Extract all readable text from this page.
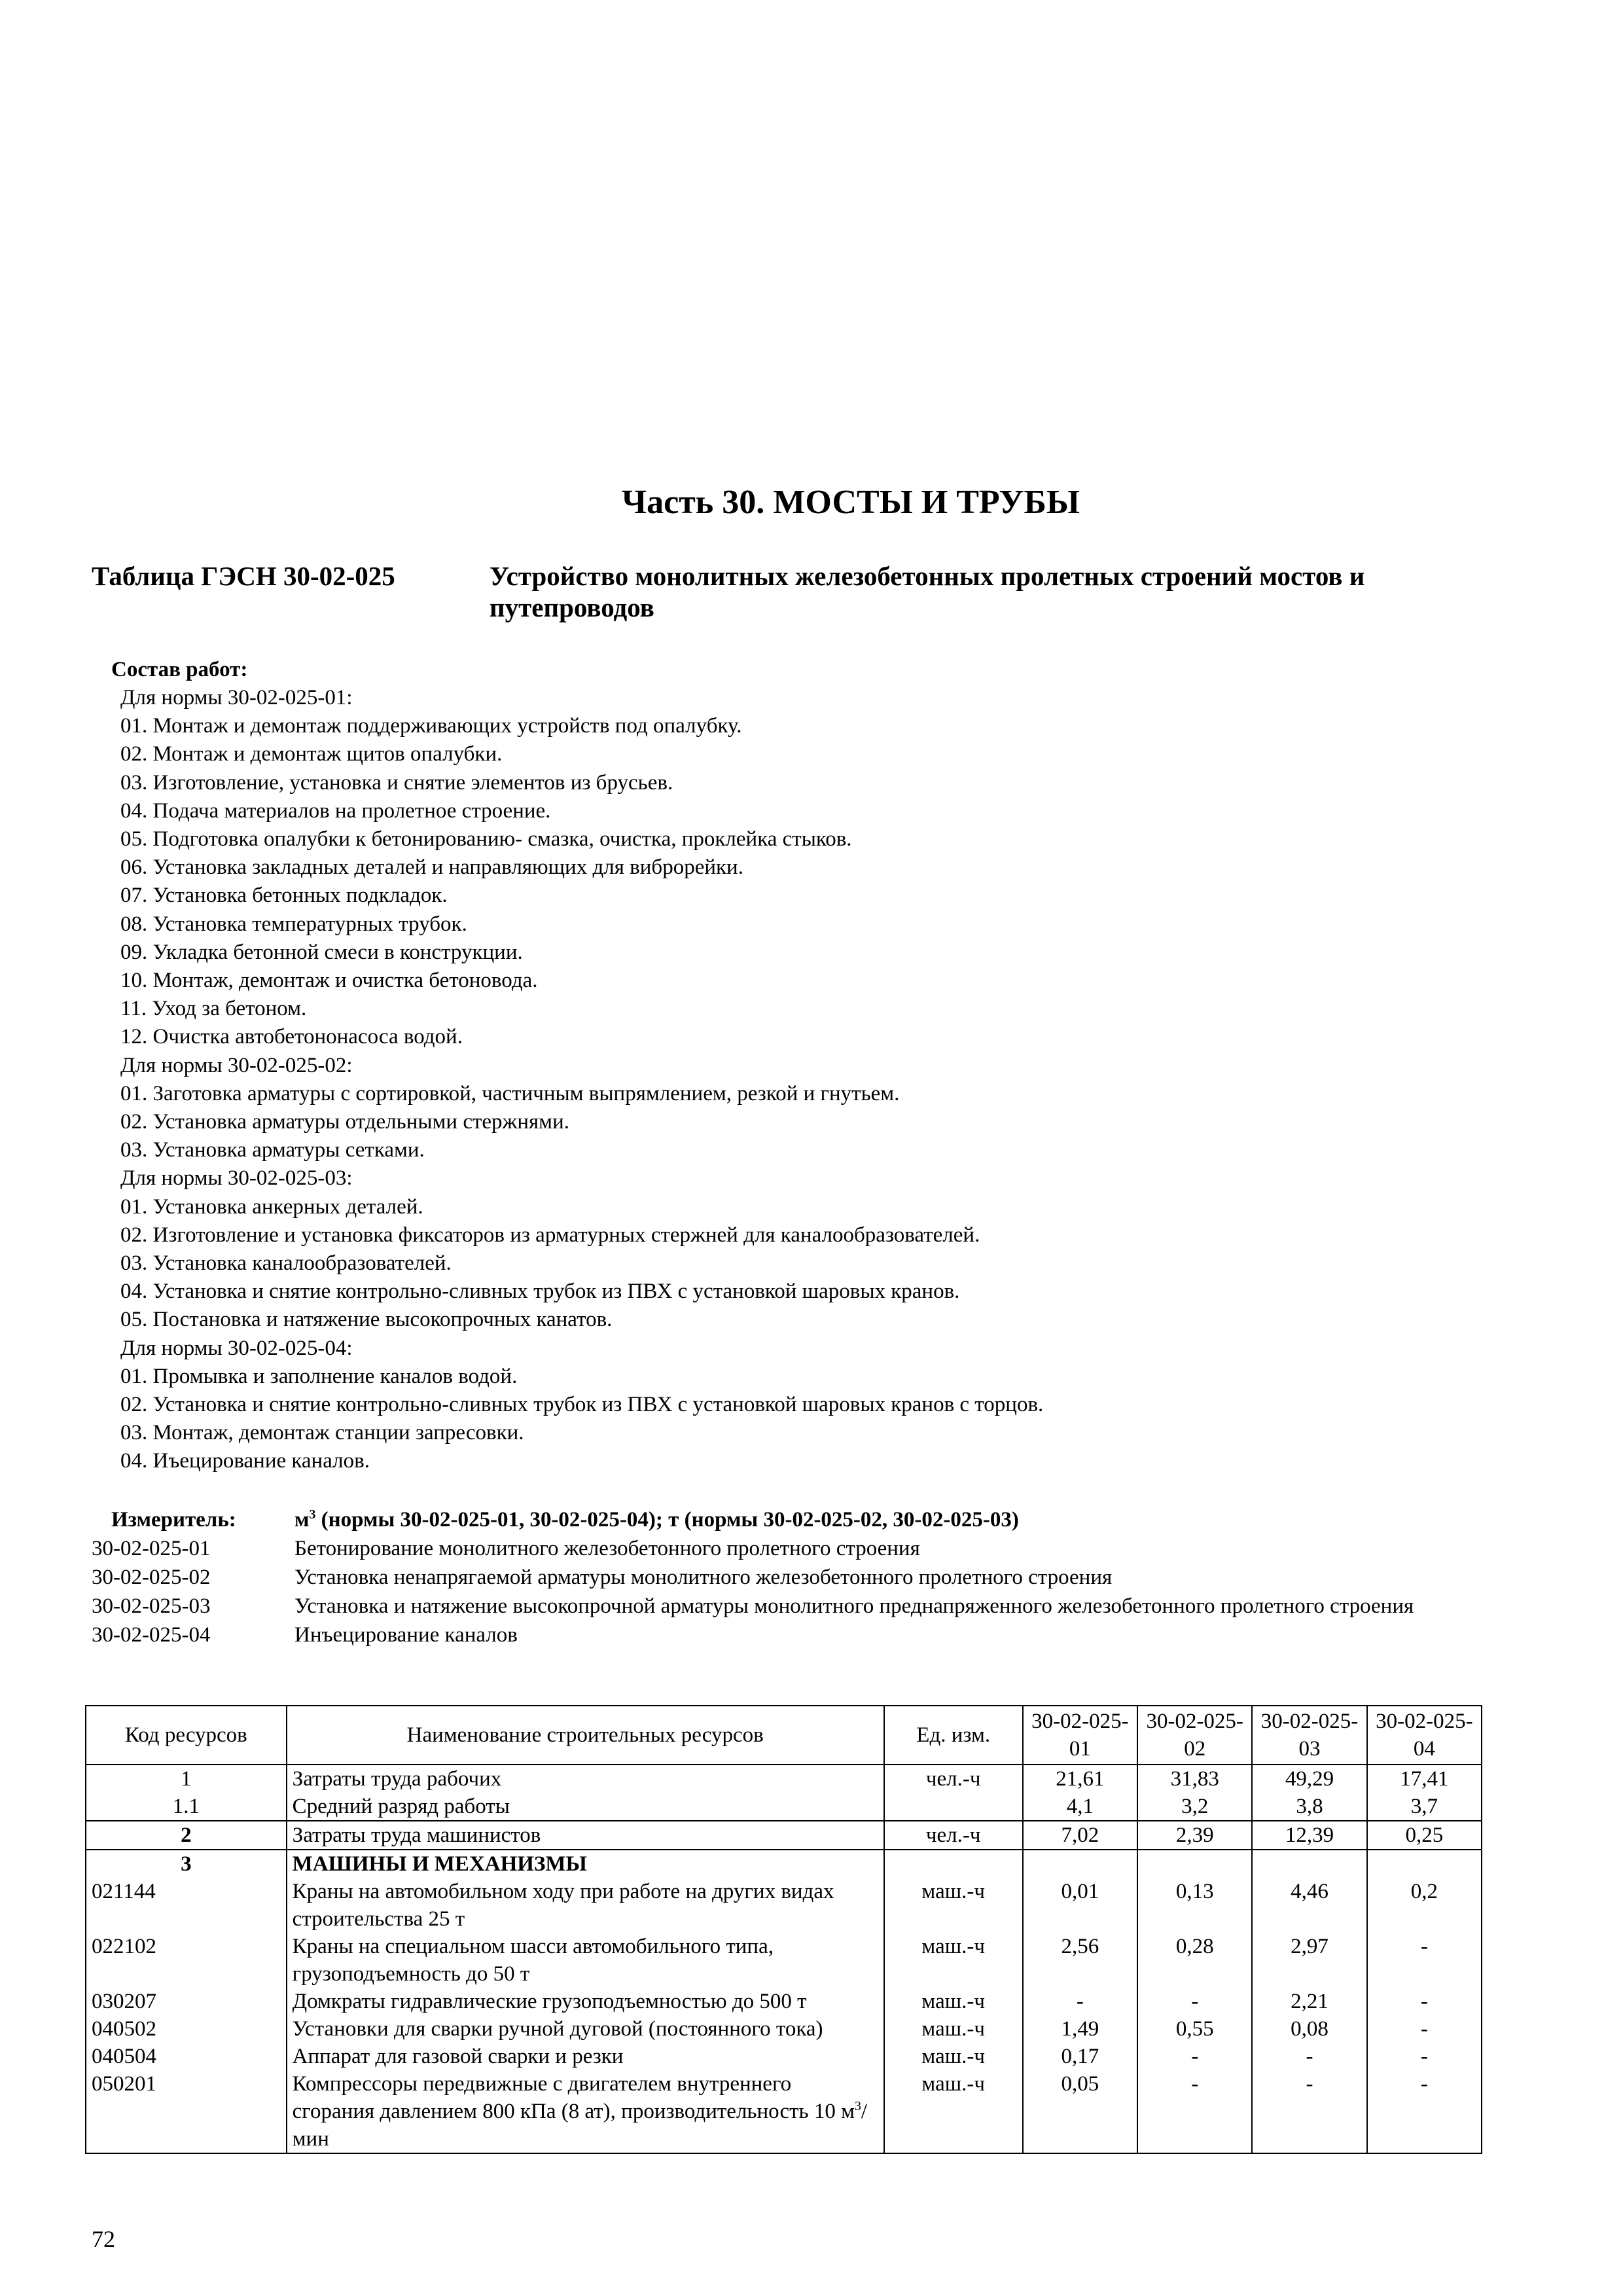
Часть 30. МОСТЫ И ТРУБЫ
Таблица ГЭСН 30-02-025	Устройство монолитных железобетонных пролетных строений мостов и путепроводов
Состав работ:
Для нормы 30-02-025-01:
01. Монтаж и демонтаж поддерживающих устройств под опалубку.
02. Монтаж и демонтаж щитов опалубки.
03. Изготовление, установка и снятие элементов из брусьев.
04. Подача материалов на пролетное строение.
05. Подготовка опалубки к бетонированию- смазка, очистка, проклейка стыков.
06. Установка закладных деталей и направляющих для виброрейки.
07. Установка бетонных подкладок.
08. Установка температурных трубок.
09. Укладка бетонной смеси в конструкции.
10. Монтаж, демонтаж и очистка бетоновода.
11. Уход за бетоном.
12. Очистка автобетононасоса водой.
Для нормы 30-02-025-02:
01. Заготовка арматуры с сортировкой, частичным выпрямлением, резкой и гнутьем.
02. Установка арматуры отдельными стержнями.
03. Установка арматуры сетками.
Для нормы 30-02-025-03:
01. Установка анкерных деталей.
02. Изготовление и установка фиксаторов из арматурных стержней для каналообразователей.
03. Установка каналообразователей.
04. Установка и снятие контрольно-сливных трубок из ПВХ с установкой шаровых кранов.
05. Постановка и натяжение высокопрочных канатов.
Для нормы 30-02-025-04:
01. Промывка и заполнение каналов водой.
02. Установка и снятие контрольно-сливных трубок из ПВХ с установкой шаровых кранов с торцов.
03. Монтаж, демонтаж станции запресовки.
04. Иъецирование каналов.
Измеритель:	$м^3$ (нормы 30-02-025-01, 30-02-025-04); т (нормы 30-02-025-02, 30-02-025-03)
30-02-025-01	Бетонирование монолитного железобетонного пролетного строения
30-02-025-02	Установка ненапрягаемой арматуры монолитного железобетонного пролетного строения
30-02-025-03	Установка и натяжение высокопрочной арматуры монолитного преднапряженного железобетонного пролетного строения
30-02-025-04	Инъецирование каналов
Код ресурсов	Наименование строительных ресурсов	Ед. изм.	30-02-025-01	30-02-025-02	30-02-025-03	30-02-025-04
1	Затраты труда рабочих	чел.-ч	21,61	31,83	49,29	17,41
1.1	Средний разряд работы		4,1	3,2	3,8	3,7
2	Затраты труда машинистов	чел.-ч	7,02	2,39	12,39	0,25
3	МАШИНЫ И МЕХАНИЗМЫ					
021144	Краны на автомобильном ходу при работе на других видах строительства 25 т	маш.-ч	0,01	0,13	4,46	0,2
022102	Краны на специальном шасси автомобильного типа, грузоподъемность до 50 т	маш.-ч	2,56	0,28	2,97	-
030207	Домкраты гидравлические грузоподъемностью до 500 т	маш.-ч	-	-	2,21	-
040502	Установки для сварки ручной дуговой (постоянного тока)	маш.-ч	1,49	0,55	0,08	-
040504	Аппарат для газовой сварки и резки	маш.-ч	0,17	-	-	-
050201	Компрессоры передвижные с двигателем внутреннего сгорания давлением 800 кПа (8 ат), производительность 10 $м^3$/мин	маш.-ч	0,05	-	-	-
72
